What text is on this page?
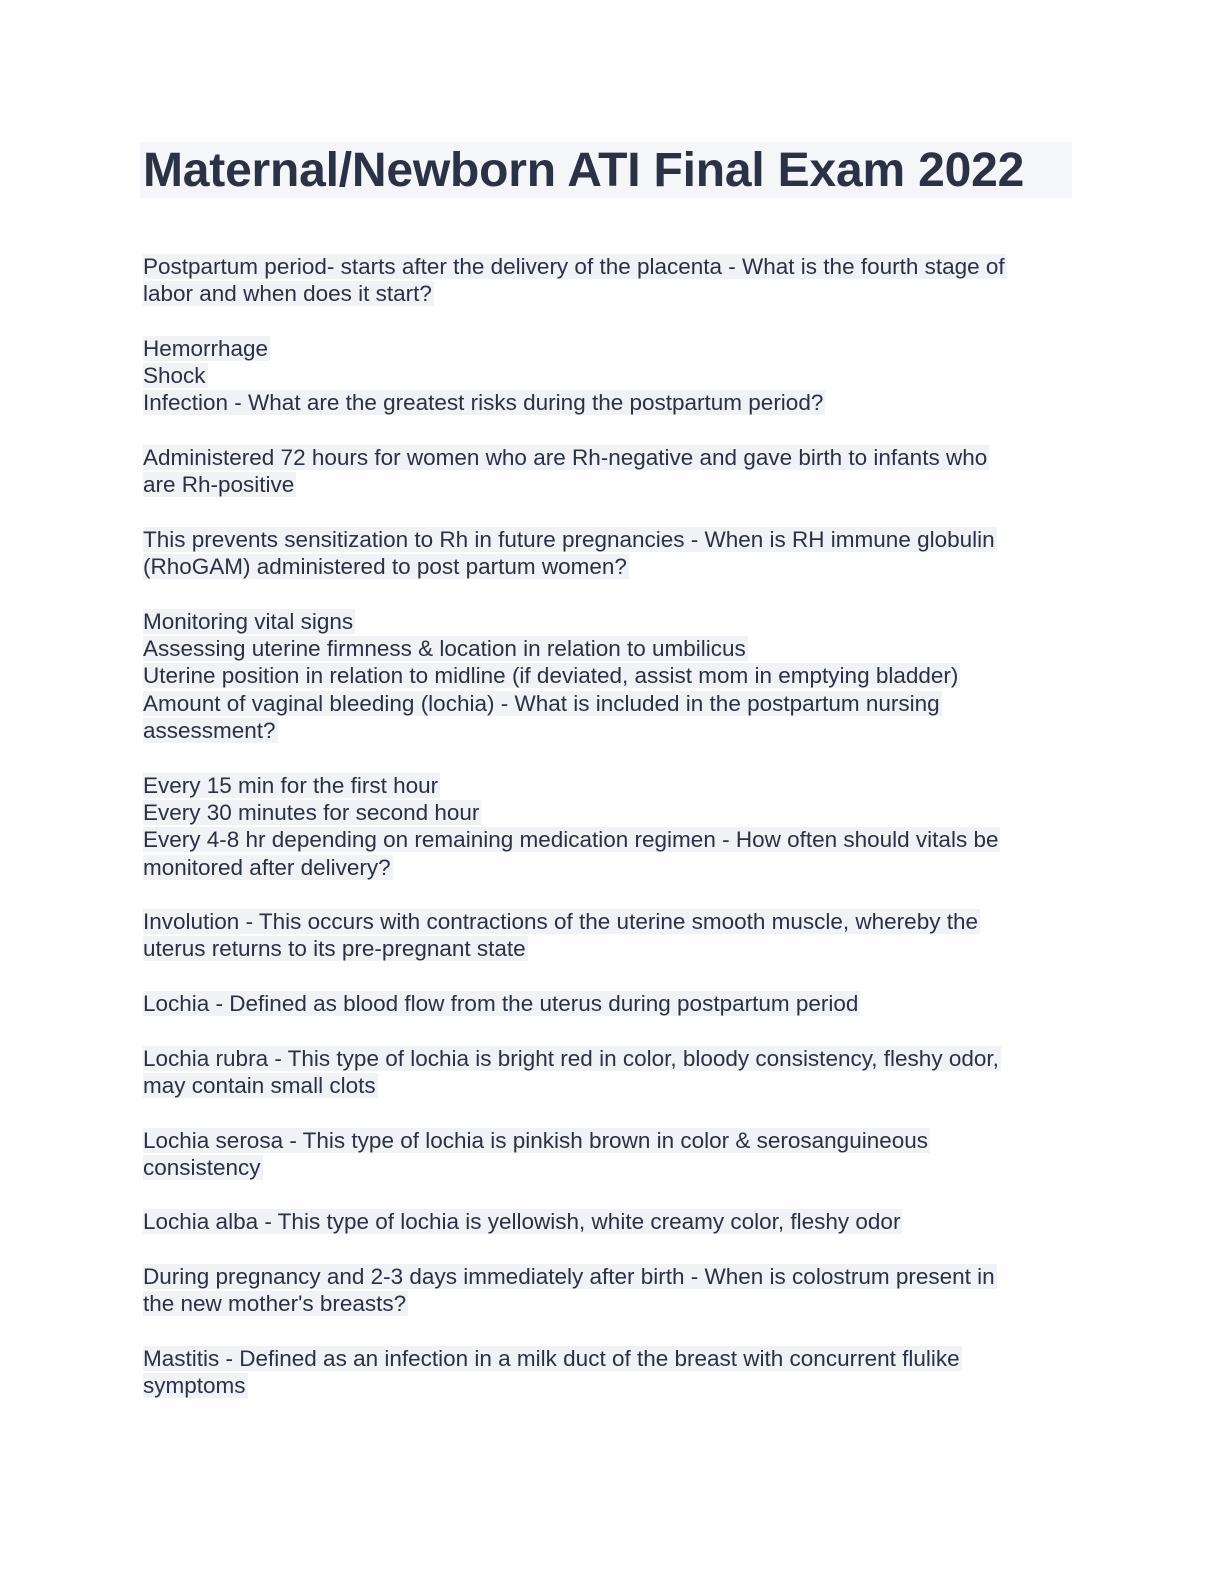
Maternal/Newborn ATI Final Exam 2022
Postpartum period- starts after the delivery of the placenta - What is the fourth stage of
labor and when does it start?
Hemorrhage
Shock
Infection - What are the greatest risks during the postpartum period?
Administered 72 hours for women who are Rh-negative and gave birth to infants who
are Rh-positive
This prevents sensitization to Rh in future pregnancies - When is RH immune globulin
(RhoGAM) administered to post partum women?
Monitoring vital signs
Assessing uterine firmness & location in relation to umbilicus
Uterine position in relation to midline (if deviated, assist mom in emptying bladder)
Amount of vaginal bleeding (lochia) - What is included in the postpartum nursing
assessment?
Every 15 min for the first hour
Every 30 minutes for second hour
Every 4-8 hr depending on remaining medication regimen - How often should vitals be
monitored after delivery?
Involution - This occurs with contractions of the uterine smooth muscle, whereby the
uterus returns to its pre-pregnant state
Lochia - Defined as blood flow from the uterus during postpartum period
Lochia rubra - This type of lochia is bright red in color, bloody consistency, fleshy odor,
may contain small clots
Lochia serosa - This type of lochia is pinkish brown in color & serosanguineous
consistency
Lochia alba - This type of lochia is yellowish, white creamy color, fleshy odor
During pregnancy and 2-3 days immediately after birth - When is colostrum present in
the new mother's breasts?
Mastitis - Defined as an infection in a milk duct of the breast with concurrent flulike
symptoms
